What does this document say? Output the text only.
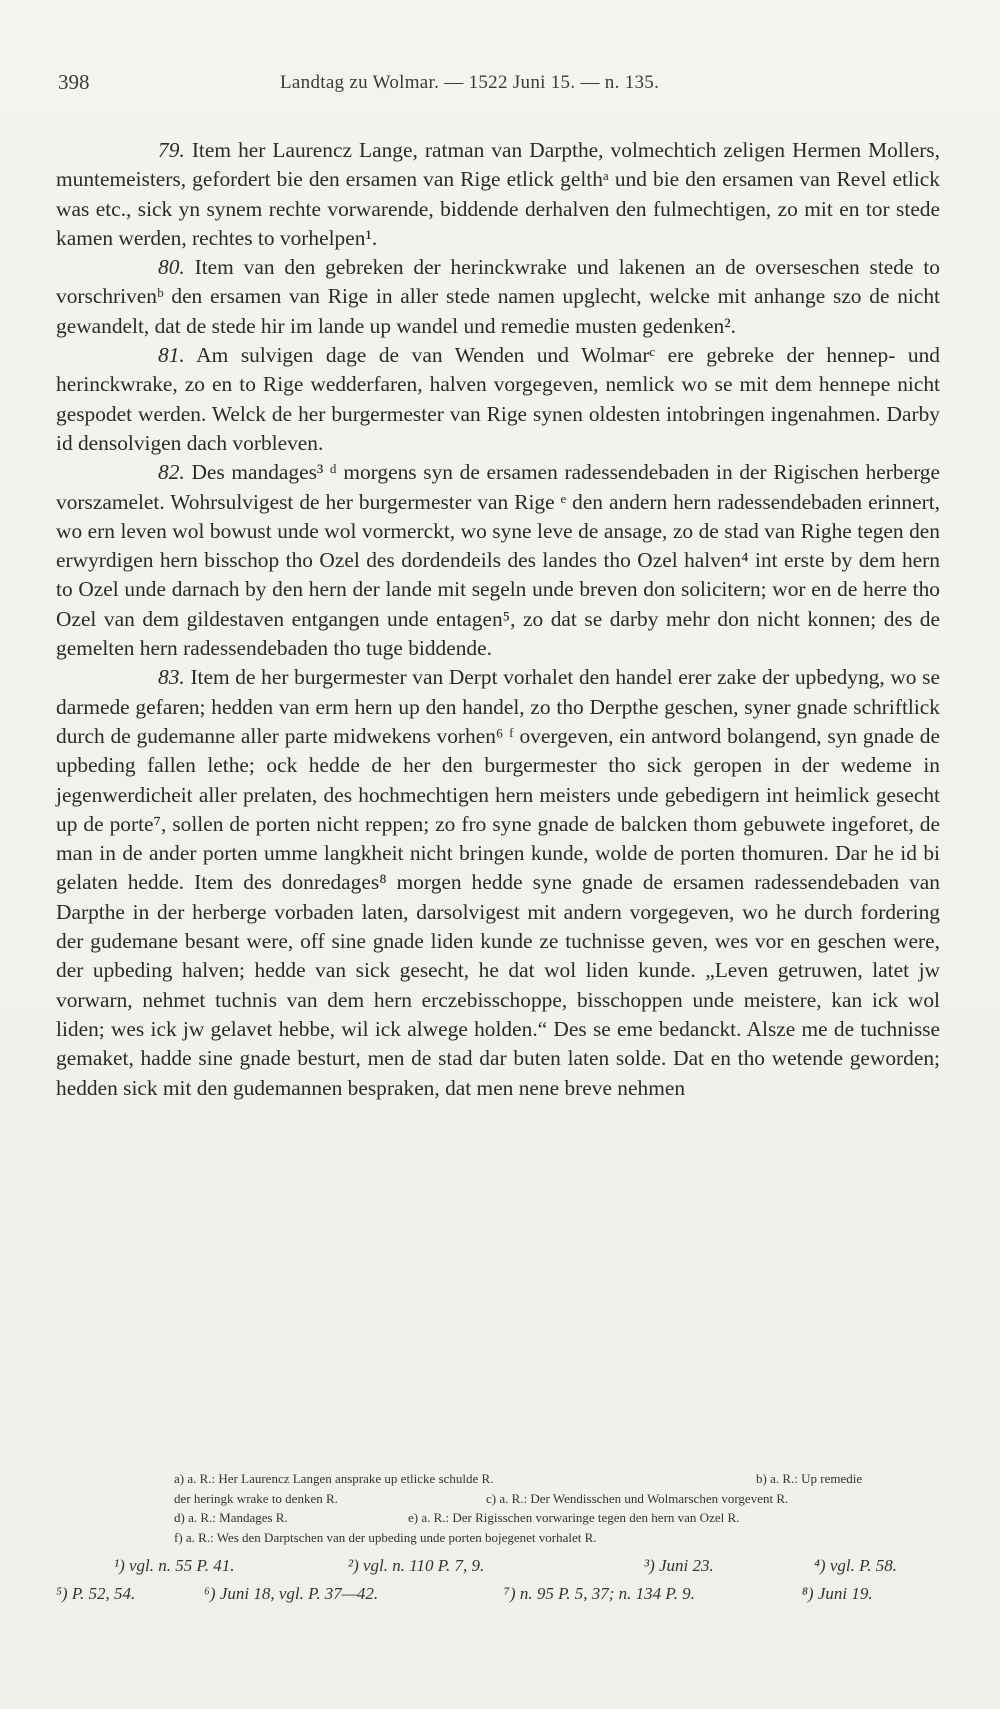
398	Landtag zu Wolmar. — 1522 Juni 15. — n. 135.

79. Item her Laurencz Lange, ratman van Darpthe, volmechtich zeligen Hermen Mollers, muntemeisters, gefordert bie den ersamen van Rige etlick gelthᵃ und bie den ersamen van Revel etlick was etc., sick yn synem rechte vorwarende, biddende derhalven den fulmechtigen, zo mit en tor stede kamen werden, rechtes to vorhelpen¹.

80. Item van den gebreken der herinckwrake und lakenen an de overseschen stede to vorschrivenᵇ den ersamen van Rige in aller stede namen upglecht, welcke mit anhange szo de nicht gewandelt, dat de stede hir im lande up wandel und remedie musten gedenken².

81. Am sulvigen dage de van Wenden und Wolmarᶜ ere gebreke der hennep- und herinckwrake, zo en to Rige wedderfaren, halven vorgegeven, nemlick wo se mit dem hennepe nicht gespodet werden. Welck de her burgermester van Rige synen oldesten intobringen ingenahmen. Darby id densolvigen dach vorbleven.

82. Des mandages³ ᵈ morgens syn de ersamen radessendebaden in der Rigischen herberge vorszamelet. Wohrsulvigest de her burgermester van Rige ᵉ den andern hern radessendebaden erinnert, wo ern leven wol bowust unde wol vormerckt, wo syne leve de ansage, zo de stad van Righe tegen den erwyrdigen hern bisschop tho Ozel des dordendeils des landes tho Ozel halven⁴ int erste by dem hern to Ozel unde darnach by den hern der lande mit segeln unde breven don solicitern; wor en de herre tho Ozel van dem gildestaven entgangen unde entagen⁵, zo dat se darby mehr don nicht konnen; des de gemelten hern radessendebaden tho tuge biddende.

83. Item de her burgermester van Derpt vorhalet den handel erer zake der upbedyng, wo se darmede gefaren; hedden van erm hern up den handel, zo tho Derpthe geschen, syner gnade schriftlick durch de gudemanne aller parte midwekens vorhen⁶ ᶠ overgeven, ein antword bolangend, syn gnade de upbeding fallen lethe; ock hedde de her den burgermester tho sick geropen in der wedeme in jegenwerdicheit aller prelaten, des hochmechtigen hern meisters unde gebedigern int heimlick gesecht up de porte⁷, sollen de porten nicht reppen; zo fro syne gnade de balcken thom gebuwete ingeforet, de man in de ander porten umme langkheit nicht bringen kunde, wolde de porten thomuren. Dar he id bi gelaten hedde. Item des donredages⁸ morgen hedde syne gnade de ersamen radessendebaden van Darpthe in der herberge vorbaden laten, darsolvigest mit andern vorgegeven, wo he durch fordering der gudemane besant were, off sine gnade liden kunde ze tuchnisse geven, wes vor en geschen were, der upbeding halven; hedde van sick gesecht, he dat wol liden kunde. „Leven getruwen, latet jw vorwarn, nehmet tuchnis van dem hern erczebisschoppe, bisschoppen unde meistere, kan ick wol liden; wes ick jw gelavet hebbe, wil ick alwege holden.“ Des se eme bedanckt. Alsze me de tuchnisse gemaket, hadde sine gnade besturt, men de stad dar buten laten solde. Dat en tho wetende geworden; hedden sick mit den gudemannen bespraken, dat men nene breve nehmen

a) a. R.: Her Laurencz Langen ansprake up etlicke schulde R.	b) a. R.: Up remedie
der heringk wrake to denken R.	c) a. R.: Der Wendisschen und Wolmarschen vorgevent R.
d) a. R.: Mandages R.	e) a. R.: Der Rigisschen vorwaringe tegen den hern van Ozel R.
f) a. R.: Wes den Darptschen van der upbeding unde porten bojegenet vorhalet R.
¹) vgl. n. 55 P. 41.	²) vgl. n. 110 P. 7, 9.	³) Juni 23.	⁴) vgl. P. 58.
⁵) P. 52, 54.	⁶) Juni 18, vgl. P. 37—42.	⁷) n. 95 P. 5, 37; n. 134 P. 9.	⁸) Juni 19.
